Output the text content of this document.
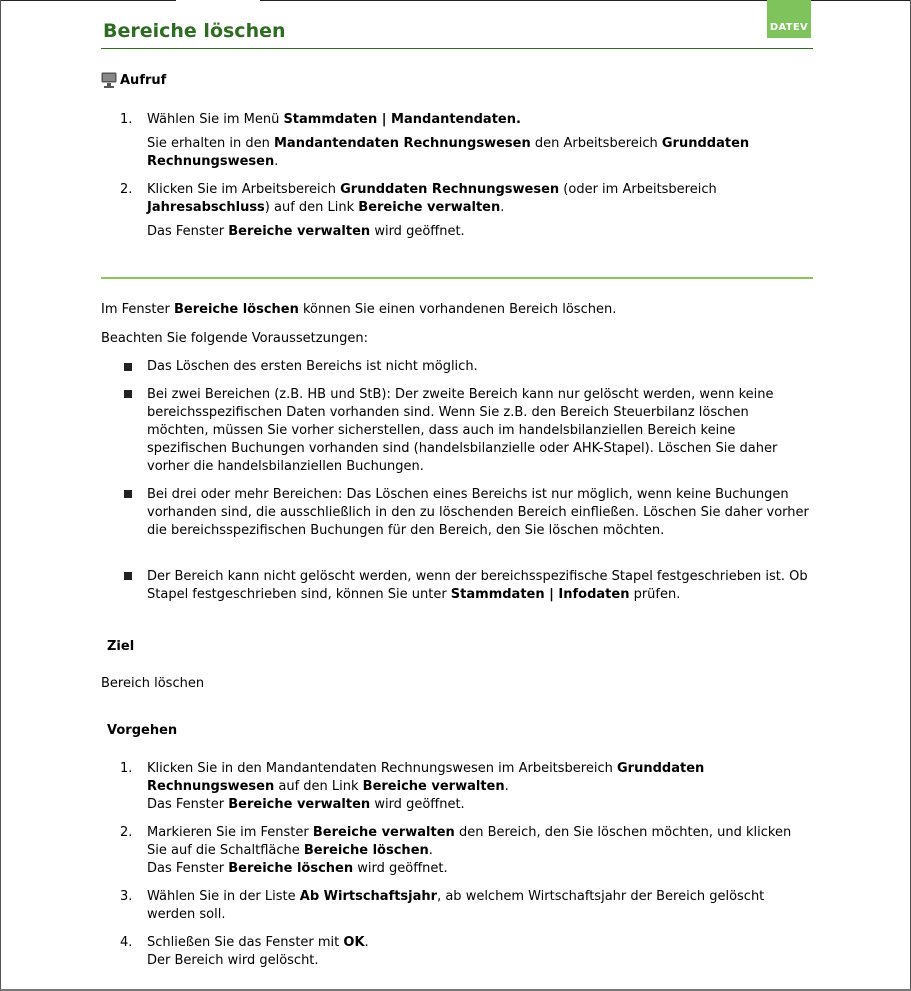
DATEV
Bereiche löschen
Aufruf
1. Wählen Sie im Menü Stammdaten | Mandantendaten.
Sie erhalten in den Mandantendaten Rechnungswesen den Arbeitsbereich Grunddaten Rechnungswesen.
2. Klicken Sie im Arbeitsbereich Grunddaten Rechnungswesen (oder im Arbeitsbereich Jahresabschluss) auf den Link Bereiche verwalten.
Das Fenster Bereiche verwalten wird geöffnet.
Im Fenster Bereiche löschen können Sie einen vorhandenen Bereich löschen.
Beachten Sie folgende Voraussetzungen:
Das Löschen des ersten Bereichs ist nicht möglich.
Bei zwei Bereichen (z.B. HB und StB): Der zweite Bereich kann nur gelöscht werden, wenn keine bereichsspezifischen Daten vorhanden sind. Wenn Sie z.B. den Bereich Steuerbilanz löschen möchten, müssen Sie vorher sicherstellen, dass auch im handelsbilanziellen Bereich keine spezifischen Buchungen vorhanden sind (handelsbilanzielle oder AHK-Stapel). Löschen Sie daher vorher die handelsbilanziellen Buchungen.
Bei drei oder mehr Bereichen: Das Löschen eines Bereichs ist nur möglich, wenn keine Buchungen vorhanden sind, die ausschließlich in den zu löschenden Bereich einfließen. Löschen Sie daher vorher die bereichsspezifischen Buchungen für den Bereich, den Sie löschen möchten.
Der Bereich kann nicht gelöscht werden, wenn der bereichsspezifische Stapel festgeschrieben ist. Ob Stapel festgeschrieben sind, können Sie unter Stammdaten | Infodaten prüfen.
Ziel
Bereich löschen
Vorgehen
1. Klicken Sie in den Mandantendaten Rechnungswesen im Arbeitsbereich Grunddaten Rechnungswesen auf den Link Bereiche verwalten.
Das Fenster Bereiche verwalten wird geöffnet.
2. Markieren Sie im Fenster Bereiche verwalten den Bereich, den Sie löschen möchten, und klicken Sie auf die Schaltfläche Bereiche löschen.
Das Fenster Bereiche löschen wird geöffnet.
3. Wählen Sie in der Liste Ab Wirtschaftsjahr, ab welchem Wirtschaftsjahr der Bereich gelöscht werden soll.
4. Schließen Sie das Fenster mit OK.
Der Bereich wird gelöscht.
